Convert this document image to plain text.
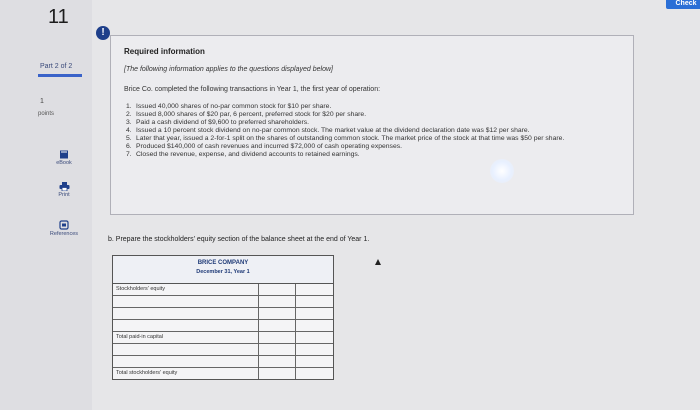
11
Part 2 of 2
1
points
eBook
Print
References
!
Check
Required information
[The following information applies to the questions displayed below]
Brice Co. completed the following transactions in Year 1, the first year of operation:
1. Issued 40,000 shares of no-par common stock for $10 per share.
2. Issued 8,000 shares of $20 par, 6 percent, preferred stock for $20 per share.
3. Paid a cash dividend of $9,600 to preferred shareholders.
4. Issued a 10 percent stock dividend on no-par common stock. The market value at the dividend declaration date was $12 per share.
5. Later that year, issued a 2-for-1 split on the shares of outstanding common stock. The market price of the stock at that time was $50 per share.
6. Produced $140,000 of cash revenues and incurred $72,000 of cash operating expenses.
7. Closed the revenue, expense, and dividend accounts to retained earnings.
b. Prepare the stockholders' equity section of the balance sheet at the end of Year 1.
BRICE COMPANY
December 31, Year 1
Stockholders' equity
Total paid-in capital
Total stockholders' equity
